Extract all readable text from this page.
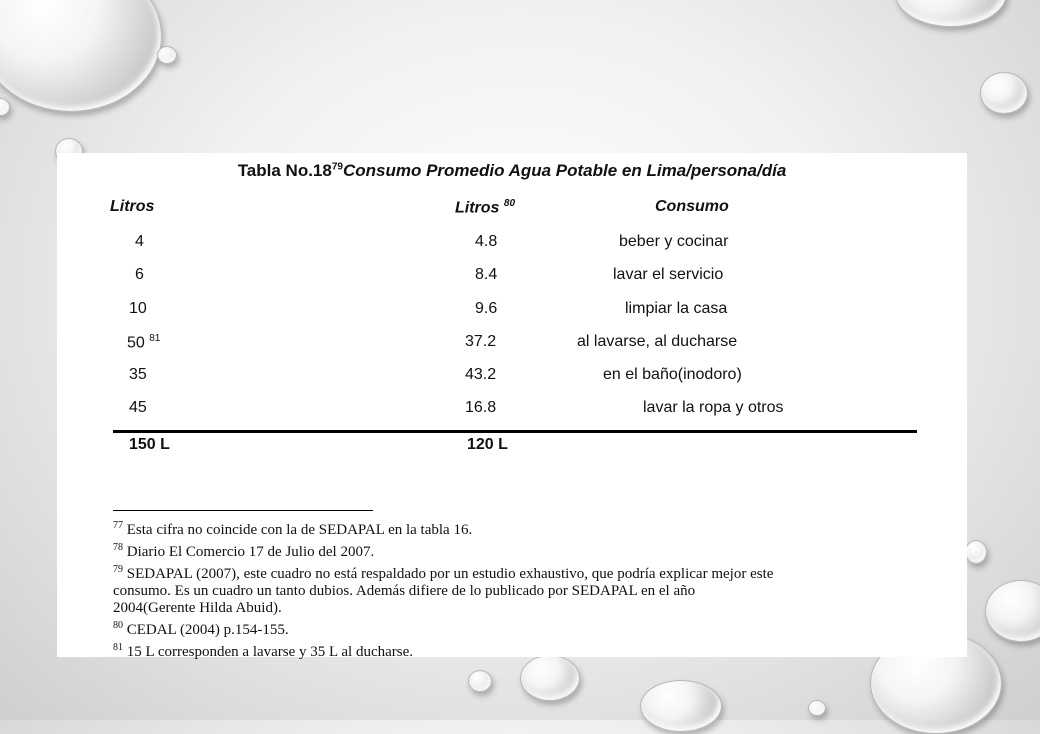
Tabla $No.18^{79}Consumo$ Promedio Agua Potable en Lima/persona/día
Litros	Litros $^{80}$	Consumo
4	4.8	beber y cocinar
6	8.4	lavar el servicio
10	9.6	limpiar la casa
50 $^{81}$	37.2	al lavarse, al ducharse
35	43.2	en el baño(inodoro)
45	16.8	lavar la ropa y otros
150 L	120 L
$^{77}$ Esta cifra no coincide con la de SEDAPAL en la tabla 16.
$^{78}$ Diario El Comercio 17 de Julio del 2007.
$^{79}$ SEDAPAL (2007), este cuadro no está respaldado por un estudio exhaustivo, que podría explicar mejor este
consumo. Es un cuadro un tanto dubios. Además difiere de lo publicado por SEDAPAL en el año
2004(Gerente Hilda Abuid).
$^{80}$ CEDAL (2004) p.154-155.
$^{81}$ 15 L corresponden a lavarse y 35 L al ducharse.
